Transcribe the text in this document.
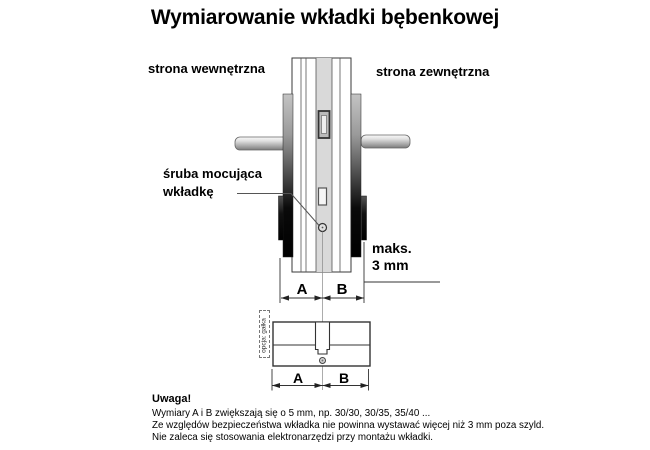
Wymiarowanie wkładki bębenkowej
strona wewnętrzna	strona zewnętrzna
śruba mocująca
wkładkę
maks.
3 mm
A B
opcja: gałka
A	B
Uwaga!
Wymiary A i B zwiększają się o 5 mm, np. 30/30, 30/35, 35/40 ...
Ze względów bezpieczeństwa wkładka nie powinna wystawać więcej niż 3 mm poza szyld.
Nie zaleca się stosowania elektronarzędzi przy montażu wkładki.
